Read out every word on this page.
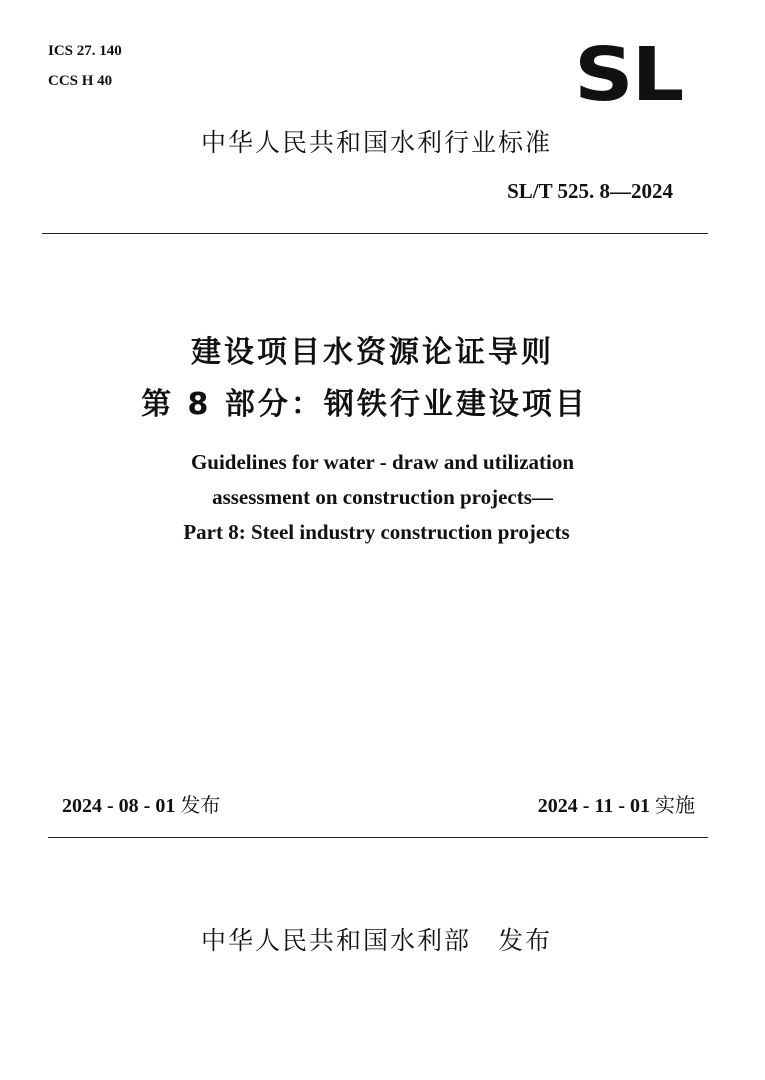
ICS 27. 140
CCS H 40	SL
中华人民共和国水利行业标准
SL/T 525. 8—2024
建设项目水资源论证导则
第 8 部分：钢铁行业建设项目
Guidelines for water - draw and utilization
assessment on construction projects—
Part 8: Steel industry construction projects
2024 - 08 - 01 发布	2024 - 11 - 01 实施
中华人民共和国水利部　发布
